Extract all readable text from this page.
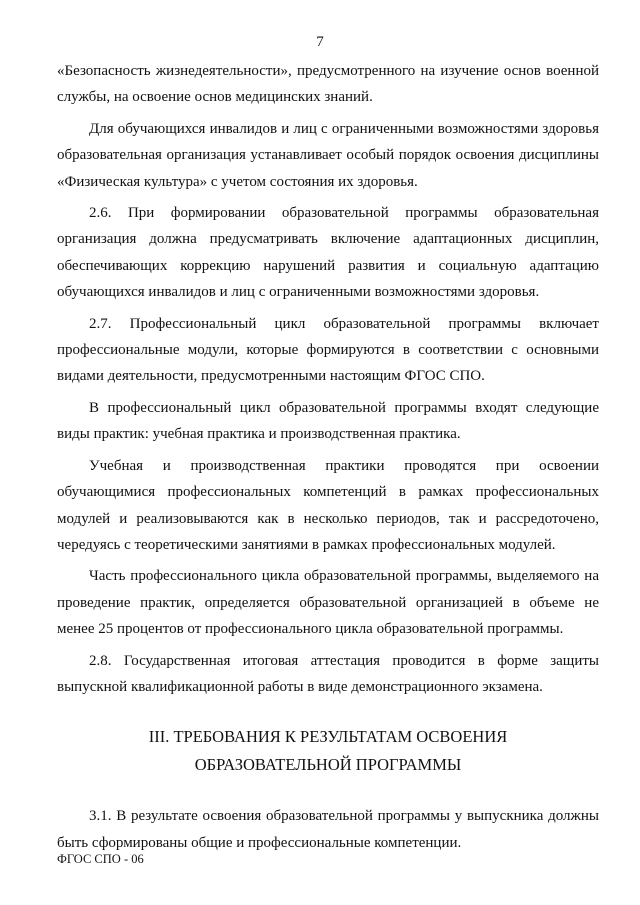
7

«Безопасность жизнедеятельности», предусмотренного на изучение основ военной службы, на освоение основ медицинских знаний.

Для обучающихся инвалидов и лиц с ограниченными возможностями здоровья образовательная организация устанавливает особый порядок освоения дисциплины «Физическая культура» с учетом состояния их здоровья.

2.6. При формировании образовательной программы образовательная организация должна предусматривать включение адаптационных дисциплин, обеспечивающих коррекцию нарушений развития и социальную адаптацию обучающихся инвалидов и лиц с ограниченными возможностями здоровья.

2.7. Профессиональный цикл образовательной программы включает профессиональные модули, которые формируются в соответствии с основными видами деятельности, предусмотренными настоящим ФГОС СПО.

В профессиональный цикл образовательной программы входят следующие виды практик: учебная практика и производственная практика.

Учебная и производственная практики проводятся при освоении обучающимися профессиональных компетенций в рамках профессиональных модулей и реализовываются как в несколько периодов, так и рассредоточено, чередуясь с теоретическими занятиями в рамках профессиональных модулей.

Часть профессионального цикла образовательной программы, выделяемого на проведение практик, определяется образовательной организацией в объеме не менее 25 процентов от профессионального цикла образовательной программы.

2.8. Государственная итоговая аттестация проводится в форме защиты выпускной квалификационной работы в виде демонстрационного экзамена.

III. ТРЕБОВАНИЯ К РЕЗУЛЬТАТАМ ОСВОЕНИЯ
ОБРАЗОВАТЕЛЬНОЙ ПРОГРАММЫ

3.1. В результате освоения образовательной программы у выпускника должны быть сформированы общие и профессиональные компетенции.

ФГОС СПО - 06
